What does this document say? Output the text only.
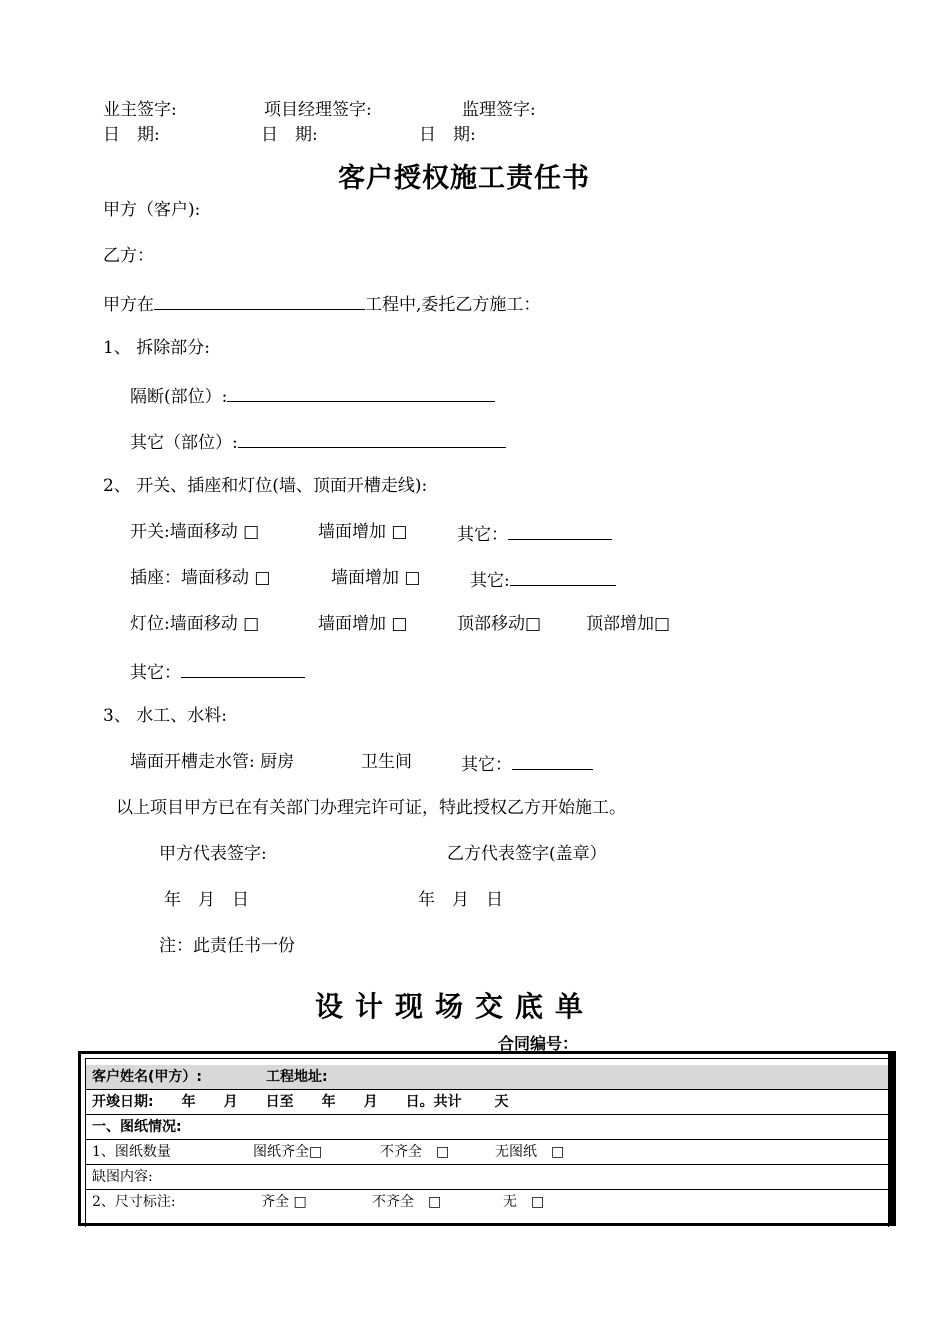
业主签字:	项目经理签字:	监理签字:
日　期:	日　期:	日　期:
客户授权施工责任书
甲方（客户):
乙方：
甲方在	工程中,委托乙方施工：
1、 拆除部分:
隔断(部位）:
其它（部位）:
2、 开关、插座和灯位(墙、顶面开槽走线):
开关:墙面移动 □	墙面增加 □	其它：
插座：墙面移动 □	墙面增加 □	其它:
灯位:墙面移动 □	墙面增加 □	顶部移动□	顶部增加□
其它：
3、 水工、水料:
墙面开槽走水管: 厨房	卫生间	其它：
以上项目甲方已在有关部门办理完许可证，特此授权乙方开始施工。
甲方代表签字:	乙方代表签字(盖章）
年　月　日	年　月　日
注：此责任书一份
设计现场交底单
合同编号：
客户姓名(甲方）:	工程地址:
开竣日期:　　年　　月　　日至　　年　　月　　日。共计　　 天
一、图纸情况:
1、图纸数量	图纸齐全□	不齐全　□	无图纸　□
缺图内容:
2、尺寸标注:	齐全 □	不齐全　□	无　□
